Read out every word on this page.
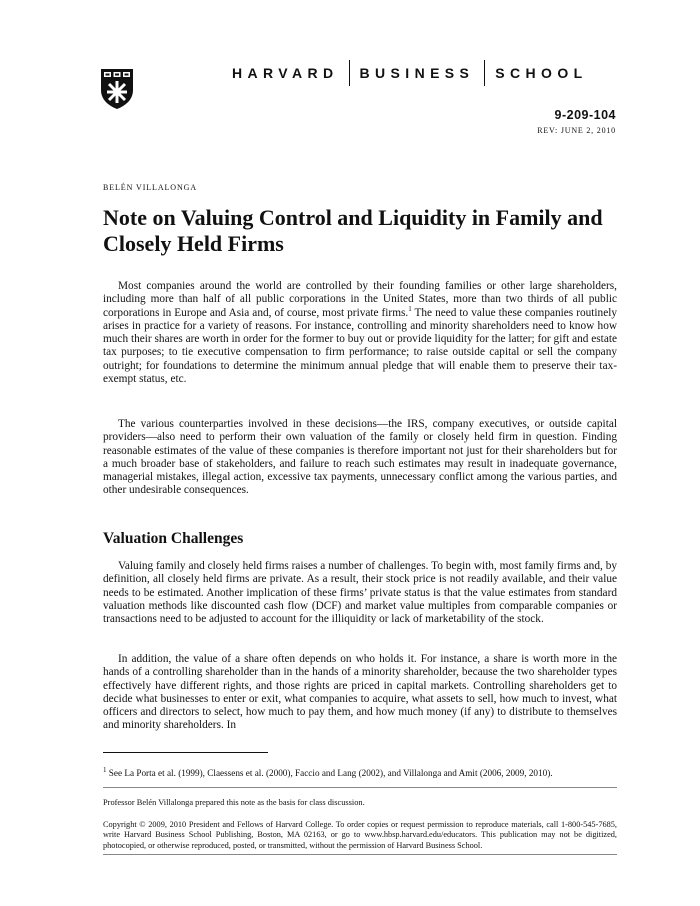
HARVARD	BUSINESS	SCHOOL
9-209-104
REV: JUNE 2, 2010
BELÉN VILLALONGA
Note on Valuing Control and Liquidity in Family and Closely Held Firms

Most companies around the world are controlled by their founding families or other large shareholders, including more than half of all public corporations in the United States, more than two thirds of all public corporations in Europe and Asia and, of course, most private firms.$^1$ The need to value these companies routinely arises in practice for a variety of reasons. For instance, controlling and minority shareholders need to know how much their shares are worth in order for the former to buy out or provide liquidity for the latter; for gift and estate tax purposes; to tie executive compensation to firm performance; to raise outside capital or sell the company outright; for foundations to determine the minimum annual pledge that will enable them to preserve their tax-exempt status, etc.

The various counterparties involved in these decisions—the IRS, company executives, or outside capital providers—also need to perform their own valuation of the family or closely held firm in question. Finding reasonable estimates of the value of these companies is therefore important not just for their shareholders but for a much broader base of stakeholders, and failure to reach such estimates may result in inadequate governance, managerial mistakes, illegal action, excessive tax payments, unnecessary conflict among the various parties, and other undesirable consequences.

Valuation Challenges

Valuing family and closely held firms raises a number of challenges. To begin with, most family firms and, by definition, all closely held firms are private. As a result, their stock price is not readily available, and their value needs to be estimated. Another implication of these firms’ private status is that the value estimates from standard valuation methods like discounted cash flow (DCF) and market value multiples from comparable companies or transactions need to be adjusted to account for the illiquidity or lack of marketability of the stock.

In addition, the value of a share often depends on who holds it. For instance, a share is worth more in the hands of a controlling shareholder than in the hands of a minority shareholder, because the two shareholder types effectively have different rights, and those rights are priced in capital markets. Controlling shareholders get to decide what businesses to enter or exit, what companies to acquire, what assets to sell, how much to invest, what officers and directors to select, how much to pay them, and how much money (if any) to distribute to themselves and minority shareholders. In

$^1$ See La Porta et al. (1999), Claessens et al. (2000), Faccio and Lang (2002), and Villalonga and Amit (2006, 2009, 2010).
Professor Belén Villalonga prepared this note as the basis for class discussion.
Copyright © 2009, 2010 President and Fellows of Harvard College. To order copies or request permission to reproduce materials, call 1-800-545-7685, write Harvard Business School Publishing, Boston, MA 02163, or go to www.hbsp.harvard.edu/educators. This publication may not be digitized, photocopied, or otherwise reproduced, posted, or transmitted, without the permission of Harvard Business School.
